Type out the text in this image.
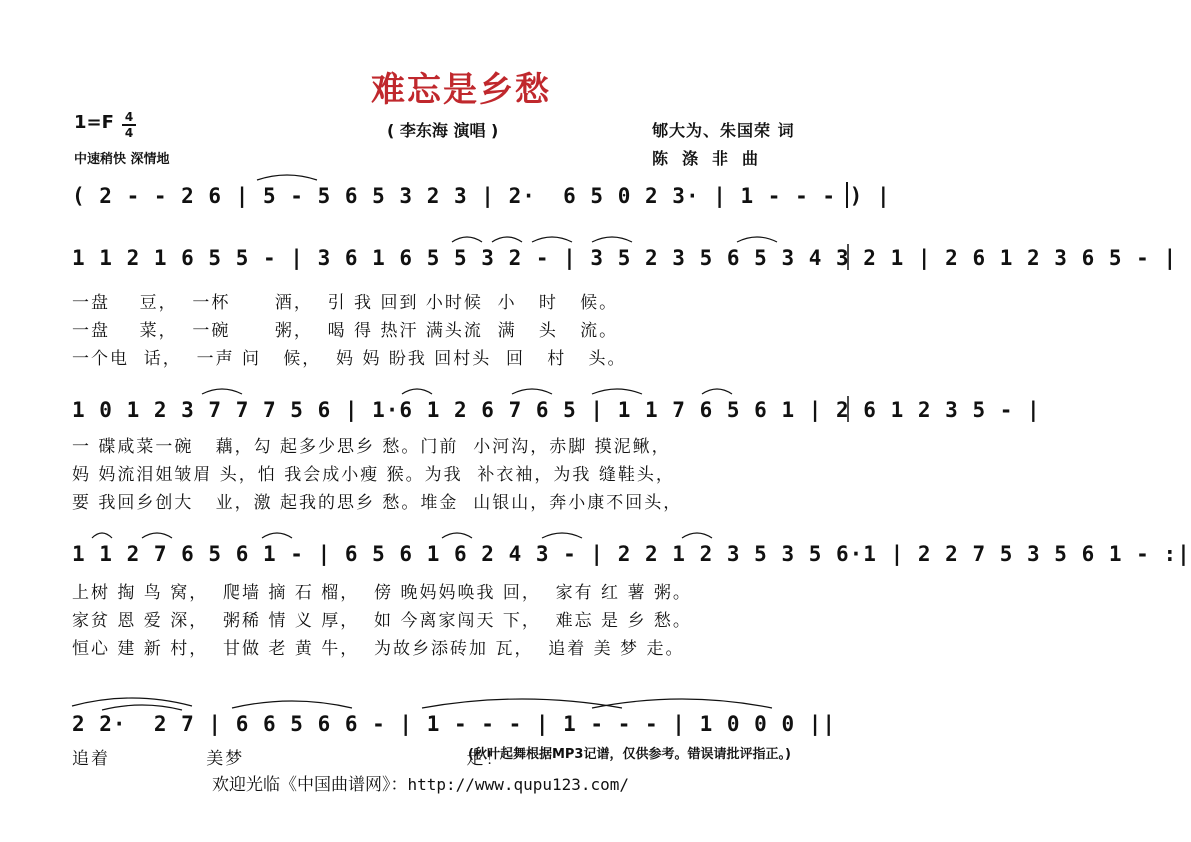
难忘是乡愁
1=F 4
4
中速稍快 深情地
( 李东海 演唱 )	郇大为、朱国荣 词
陈涤非曲
( 2 - - 2 6 | 5 - 5 6 5 3 2 3 | 2·  6 5 0 2 3· | 1 - - - ) |
1 1 2 1 6 5 5 - | 3 6 1 6 5 5 3 2 - | 3 5 2 3 5 6 5 3 4 3 2 1 | 2 6 1 2 3 6 5 - |
一盘    豆，  一杯      酒，  引 我 回到 小时候  小   时   候。
一盘    菜，  一碗      粥，  喝 得 热汗 满头流  满   头   流。
一个电  话，  一声 问   候，  妈 妈 盼我 回村头  回   村   头。
1 0 1 2 3 7 7 7 5 6 | 1·6 1 2 6 7 6 5 | 1 1 7 6 5 6 1 | 2 6 1 2 3 5 - |
一 碟咸菜一碗   藕，勾 起多少思乡 愁。门前  小河沟，赤脚 摸泥鳅，
妈 妈流泪姐皱眉 头，怕 我会成小瘦 猴。为我  补衣袖，为我 缝鞋头，
要 我回乡创大   业，激 起我的思乡 愁。堆金  山银山，奔小康不回头，
1 1 2 7 6 5 6 1 - | 6 5 6 1 6 2 4 3 - | 2 2 1 2 3 5 3 5 6·1 | 2 2 7 5 3 5 6 1 - :|
上树 掏 鸟 窝，  爬墙 摘 石 榴，  傍 晚妈妈唤我 回，  家有 红 薯 粥。
家贫 恩 爱 深，  粥稀 情 义 厚，  如 今离家闯天 下，  难忘 是 乡 愁。
恒心 建 新 村，  甘做 老 黄 牛，  为故乡添砖加 瓦，  追着 美 梦 走。
2 2·  2 7 | 6 6 5 6 6 - | 1 - - - | 1 - - - | 1 0 0 0 ||
追着             美梦                              走！
(秋叶起舞根据MP3记谱，仅供参考。错误请批评指正。)
欢迎光临《中国曲谱网》：http://www.qupu123.com/
